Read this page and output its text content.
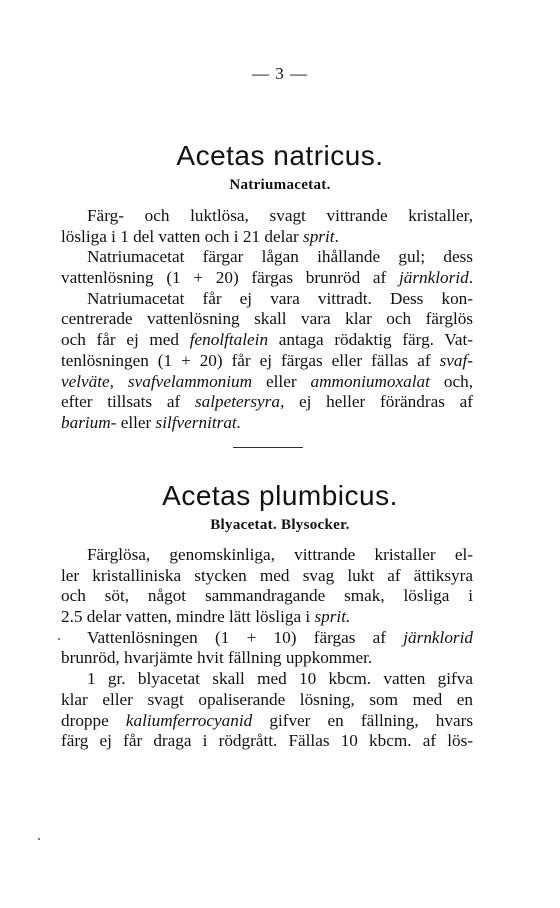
— 3 —
Acetas natricus.
Natriumacetat.
Färg- och luktlösa, svagt vittrande kristaller,
lösliga i 1 del vatten och i 21 delar sprit.
Natriumacetat färgar lågan ihållande gul; dess
vattenlösning (1 + 20) färgas brunröd af järnklorid.
Natriumacetat får ej vara vittradt. Dess kon-
centrerade vattenlösning skall vara klar och färglös
och får ej med fenolftalein antaga rödaktig färg. Vat-
tenlösningen (1 + 20) får ej färgas eller fällas af svaf-
velväte, svafvelammonium eller ammoniumoxalat och,
efter tillsats af salpetersyra, ej heller förändras af
barium- eller silfvernitrat.
Acetas plumbicus.
Blyacetat. Blysocker.
Färglösa, genomskinliga, vittrande kristaller el-
ler kristalliniska stycken med svag lukt af ättiksyra
och söt, något sammandragande smak, lösliga i
2.5 delar vatten, mindre lätt lösliga i sprit.
Vattenlösningen (1 + 10) färgas af järnklorid
brunröd, hvarjämte hvit fällning uppkommer.
1 gr. blyacetat skall med 10 kbcm. vatten gifva
klar eller svagt opaliserande lösning, som med en
droppe kaliumferrocyanid gifver en fällning, hvars
färg ej får draga i rödgrått. Fällas 10 kbcm. af lös-
